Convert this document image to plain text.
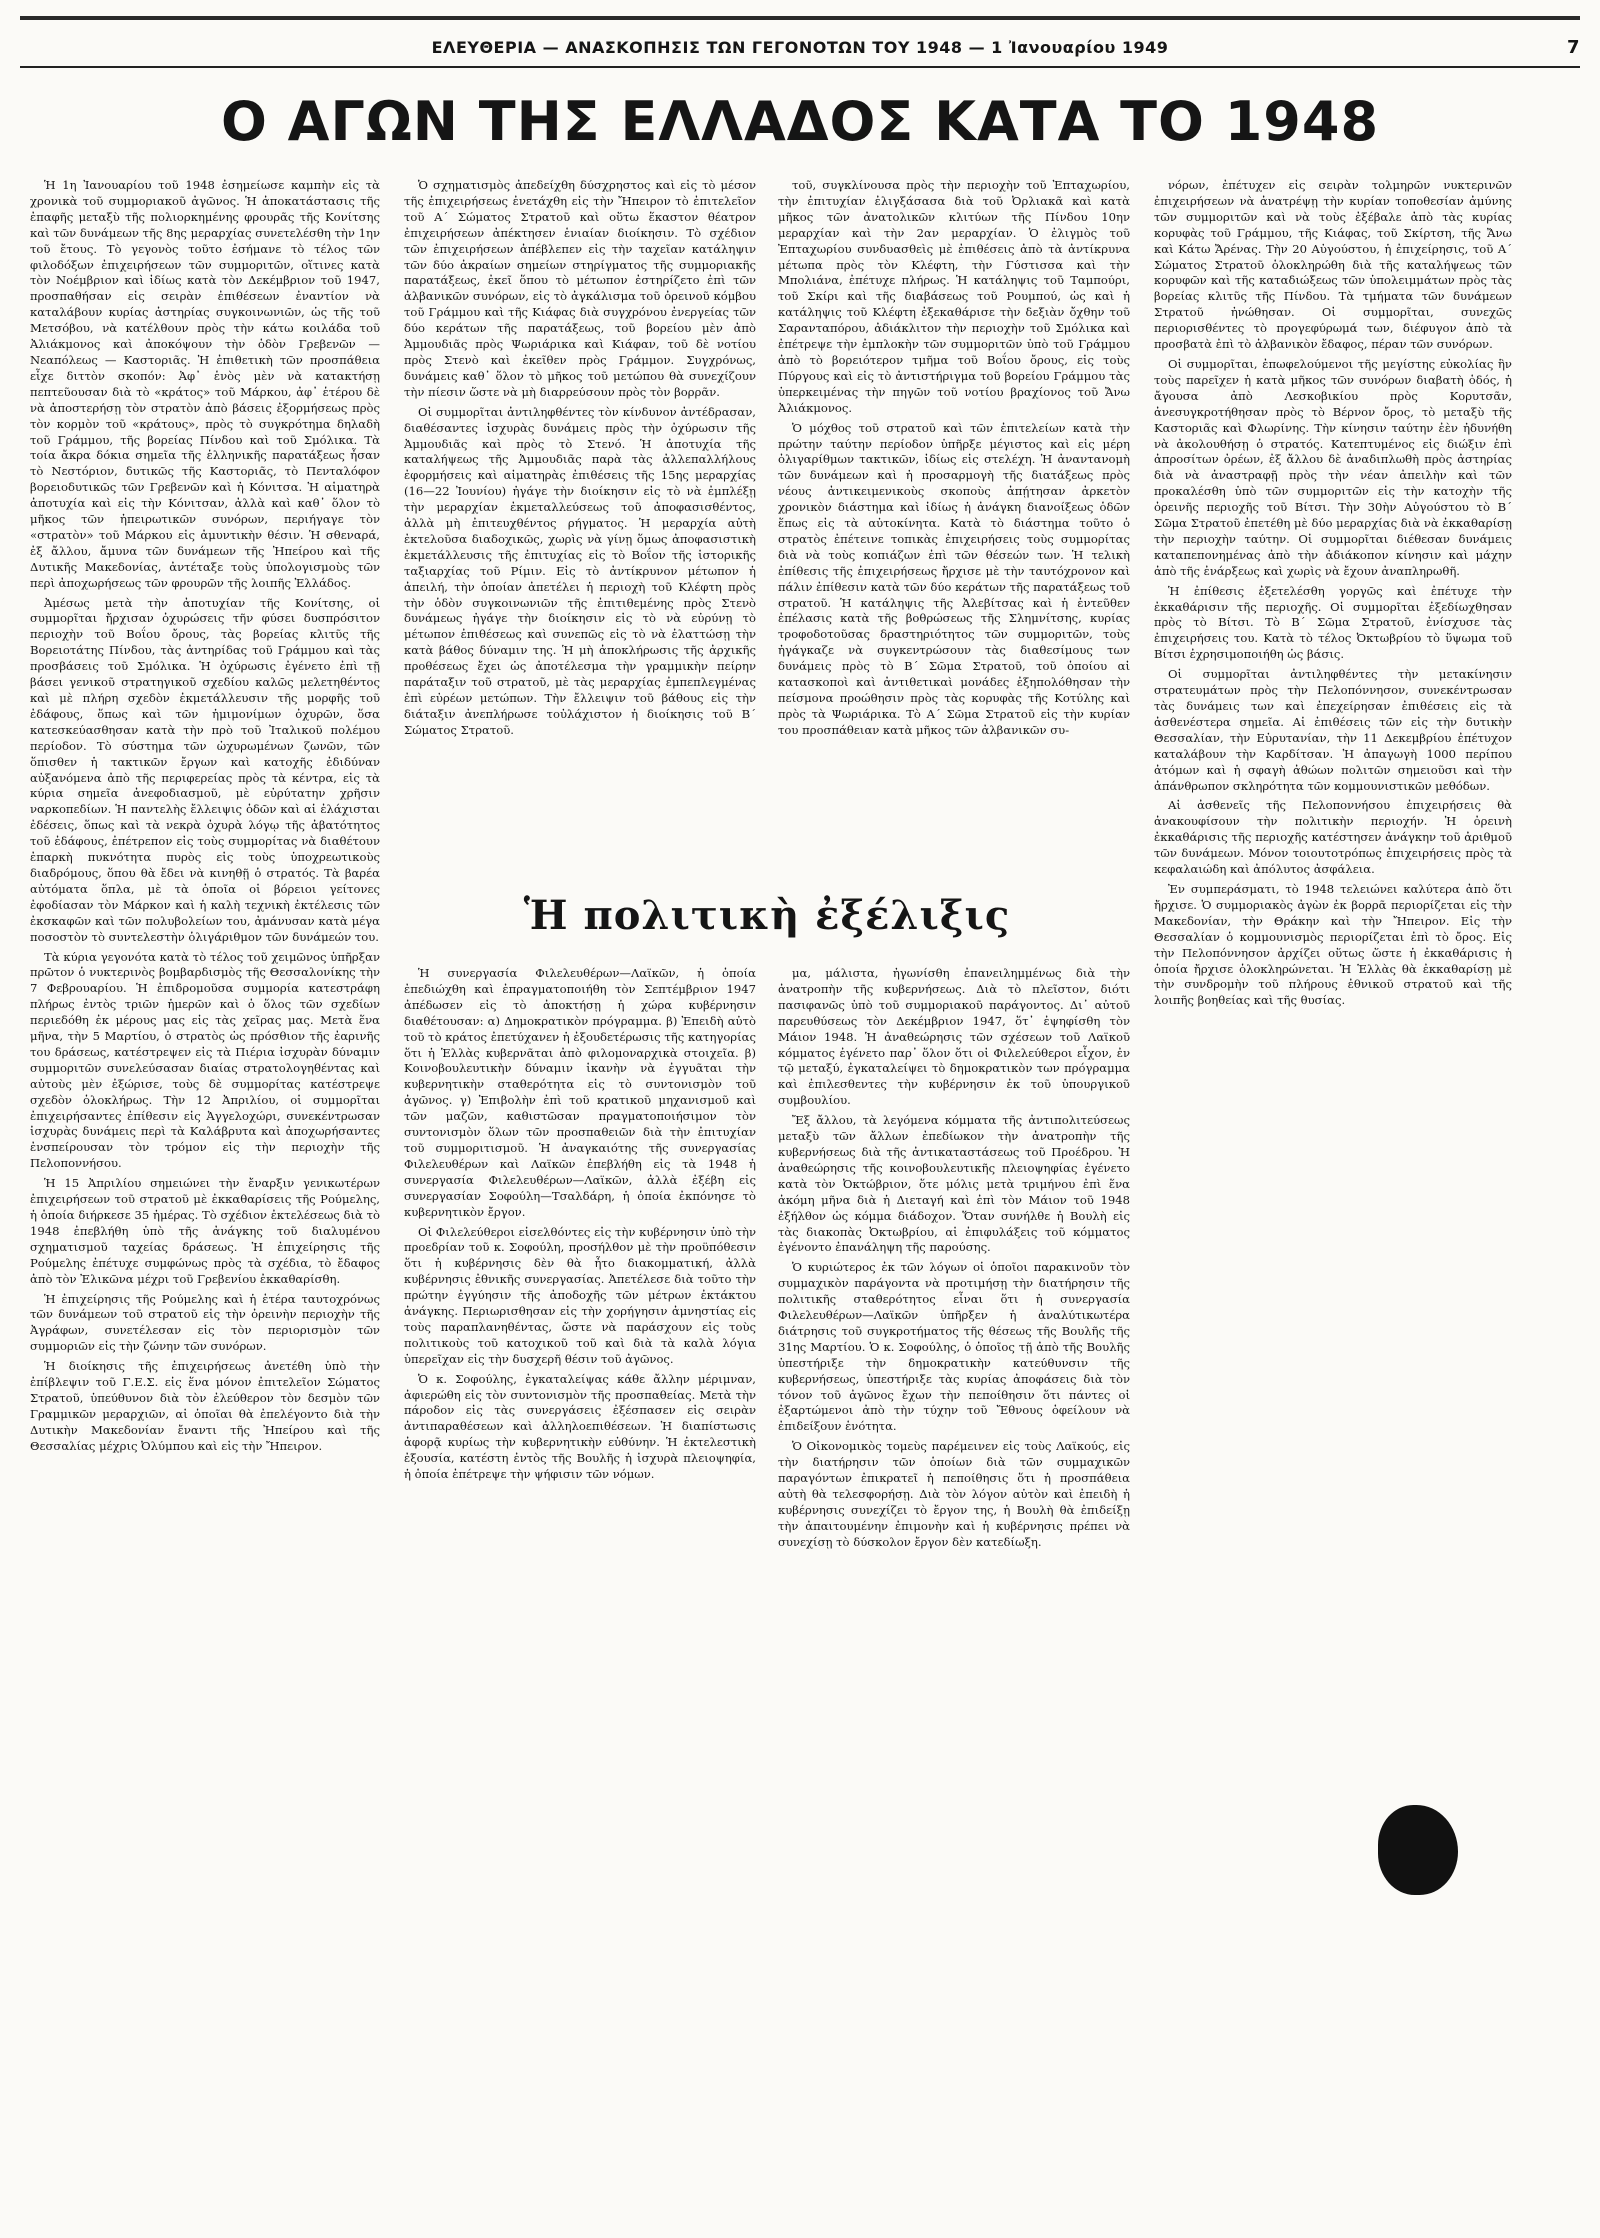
ΕΛΕΥΘΕΡΙΑ — ΑΝΑΣΚΟΠΗΣΙΣ ΤΩΝ ΓΕΓΟΝΟΤΩΝ ΤΟΥ 1948 — 1 Ἰανουαρίου 1949	7
Ο ΑΓΩΝ ΤΗΣ ΕΛΛΑΔΟΣ ΚΑΤΑ ΤΟ 1948

Ἡ 1η Ἰανουαρίου τοῦ 1948 ἐσημείωσε καμπὴν εἰς τὰ χρονικὰ τοῦ συμμοριακοῦ ἀγῶνος. Ἡ ἀποκατάστασις τῆς ἐπαφῆς μεταξὺ τῆς πολιορκημένης φρουρᾶς τῆς Κονίτσης καὶ τῶν δυνάμεων τῆς 8ης μεραρχίας συνετελέσθη τὴν 1ην τοῦ ἔτους. Τὸ γεγονὸς τοῦτο ἐσήμανε τὸ τέλος τῶν φιλοδόξων ἐπιχειρήσεων τῶν συμμοριτῶν, οἵτινες κατὰ τὸν Νοέμβριον καὶ ἰδίως κατὰ τὸν Δεκέμβριον τοῦ 1947, προσπαθήσαν εἰς σειρὰν ἐπιθέσεων ἐναντίον νὰ καταλάβουν κυρίας ἀστηρίας συγκοινωνιῶν, ὡς τῆς τοῦ Μετσόβου, νὰ κατέλθουν πρὸς τὴν κάτω κοιλάδα τοῦ Ἀλιάκμονος καὶ ἀποκόψουν τὴν ὁδὸν Γρεβενῶν — Νεαπόλεως — Καστοριᾶς. Ἡ ἐπιθετικὴ τῶν προσπάθεια εἶχε διττὸν σκοπόν: Ἀφ᾽ ἑνὸς μὲν νὰ κατακτήσῃ πεπτεῦουσαν διὰ τὸ «κράτος» τοῦ Μάρκου, ἀφ᾽ ἑτέρου δὲ νὰ ἀποστερήσῃ τὸν στρατὸν ἀπὸ βάσεις ἐξορμήσεως πρὸς τὸν κορμὸν τοῦ «κράτους», πρὸς τὸ συγκρότημα δηλαδὴ τοῦ Γράμμου, τῆς βορείας Πίνδου καὶ τοῦ Σμόλικα. Τὰ τοία ἄκρα δόκια σημεῖα τῆς ἑλληνικῆς παρατάξεως ἦσαν τὸ Νεστόριον, δυτικῶς τῆς Καστοριᾶς, τὸ Πενταλόφον βορειοδυτικῶς τῶν Γρεβενῶν καὶ ἡ Κόνιτσα. Ἡ αἱματηρὰ ἀποτυχία καὶ εἰς τὴν Κόνιτσαν, ἀλλὰ καὶ καθ᾽ ὅλον τὸ μῆκος τῶν ἠπειρωτικῶν συνόρων, περιήγαγε τὸν «στρατὸν» τοῦ Μάρκου εἰς ἀμυντικὴν θέσιν. Ἡ σθεναρά, ἐξ ἄλλου, ἄμυνα τῶν δυνάμεων τῆς Ἠπείρου καὶ τῆς Δυτικῆς Μακεδονίας, ἀντέταξε τοὺς ὑπολογισμοὺς τῶν περὶ ἀποχωρήσεως τῶν φρουρῶν τῆς λοιπῆς Ἑλλάδος.

Ἀμέσως μετὰ τὴν ἀποτυχίαν τῆς Κονίτσης, οἱ συμμορῖται ἤρχισαν ὀχυρώσεις τῆν φύσει δυσπρόσιτον περιοχὴν τοῦ Βοΐου ὄρους, τὰς βορείας κλιτῦς τῆς Βορειοτάτης Πίνδου, τὰς ἀντηρίδας τοῦ Γράμμου καὶ τὰς προσβάσεις τοῦ Σμόλικα. Ἡ ὀχύρωσις ἐγένετο ἐπὶ τῇ βάσει γενικοῦ στρατηγικοῦ σχεδίου καλῶς μελετηθέντος καὶ μὲ πλήρη σχεδὸν ἐκμετάλλευσιν τῆς μορφῆς τοῦ ἐδάφους, ὅπως καὶ τῶν ἡμιμονίμων ὀχυρῶν, ὅσα κατεσκεύασθησαν κατὰ τὴν πρὸ τοῦ Ἰταλικοῦ πολέμου περίοδον. Τὸ σύστημα τῶν ὠχυρωμένων ζωνῶν, τῶν ὅπισθεν ἡ τακτικῶν ἔργων καὶ κατοχῆς ἐδιδύναν αὐξανόμενα ἀπὸ τῆς περιφερείας πρὸς τὰ κέντρα, εἰς τὰ κύρια σημεῖα ἀνεφοδιασμοῦ, μὲ εὐρύτατην χρῆσιν ναρκοπεδίων. Ἡ παντελὴς ἔλλειψις ὁδῶν καὶ αἱ ἐλάχισται ἐδέσεις, ὅπως καὶ τὰ νεκρὰ ὀχυρὰ λόγῳ τῆς ἀβατότητος τοῦ ἐδάφους, ἐπέτρεπον εἰς τοὺς συμμορίτας νὰ διαθέτουν ἐπαρκὴ πυκνότητα πυρὸς εἰς τοὺς ὑποχρεωτικοὺς διαδρόμους, ὅπου θὰ ἔδει νὰ κινηθῇ ὁ στρατός. Τὰ βαρέα αὐτόματα ὅπλα, μὲ τὰ ὁποῖα οἱ βόρειοι γείτονες ἐφοδίασαν τὸν Μάρκον καὶ ἡ καλὴ τεχνικὴ ἐκτέλεσις τῶν ἐκσκαφῶν καὶ τῶν πολυβολείων του, ἀμάνυσαν κατὰ μέγα ποσοστὸν τὸ συντελεστὴν ὁλιγάριθμον τῶν δυνάμεών του.

Τὰ κύρια γεγονότα κατὰ τὸ τέλος τοῦ χειμῶνος ὑπῆρξαν πρῶτον ὁ νυκτερινὸς βομβαρδισμὸς τῆς Θεσσαλονίκης τὴν 7 Φεβρουαρίου. Ἡ ἐπιδρομοῦσα συμμορία κατεστράφη πλήρως ἐντὸς τριῶν ἡμερῶν καὶ ὁ ὅλος τῶν σχεδίων περιεδόθη ἐκ μέρους μας εἰς τὰς χεῖρας μας. Μετὰ ἕνα μῆνα, τὴν 5 Μαρτίου, ὁ στρατὸς ὡς πρόσθιον τῆς ἐαρινῆς του δράσεως, κατέστρεψεν εἰς τὰ Πιέρια ἰσχυρὰν δύναμιν συμμοριτῶν συνελεύσασαν διαίας στρατολογηθέντας καὶ αὐτοὺς μὲν ἐξώρισε, τοὺς δὲ συμμορίτας κατέστρεψε σχεδὸν ὁλοκλήρως. Τὴν 12 Ἀπριλίου, οἱ συμμορῖται ἐπιχειρήσαντες ἐπίθεσιν εἰς Ἀγγελοχώρι, συνεκέντρωσαν ἰσχυρὰς δυνάμεις περὶ τὰ Καλάβρυτα καὶ ἀποχωρήσαντες ἐνσπείρουσαν τὸν τρόμον εἰς τὴν περιοχὴν τῆς Πελοποννήσου.

Ἡ 15 Ἀπριλίου σημειώνει τὴν ἔναρξιν γενικωτέρων ἐπιχειρήσεων τοῦ στρατοῦ μὲ ἐκκαθαρίσεις τῆς Ρούμελης, ἡ ὁποία διήρκεσε 35 ἡμέρας. Τὸ σχέδιον ἐκτελέσεως διὰ τὸ 1948 ἐπεβλήθη ὑπὸ τῆς ἀνάγκης τοῦ διαλυμένου σχηματισμοῦ ταχείας δράσεως. Ἡ ἐπιχείρησις τῆς Ρούμελης ἐπέτυχε συμφώνως πρὸς τὰ σχέδια, τὸ ἔδαφος ἀπὸ τὸν Ἐλικῶνα μέχρι τοῦ Γρεβενίου ἐκκαθαρίσθη.

Ἡ ἐπιχείρησις τῆς Ρούμελης καὶ ἡ ἑτέρα ταυτοχρόνως τῶν δυνάμεων τοῦ στρατοῦ εἰς τὴν ὀρεινὴν περιοχὴν τῆς Ἀγράφων, συνετέλεσαν εἰς τὸν περιορισμὸν τῶν συμμοριῶν εἰς τὴν ζώνην τῶν συνόρων.

Ἡ διοίκησις τῆς ἐπιχειρήσεως ἀνετέθη ὑπὸ τὴν ἐπίβλεψιν τοῦ Γ.Ε.Σ. εἰς ἕνα μόνον ἐπιτελεῖον Σώματος Στρατοῦ, ὑπεύθυνον διὰ τὸν ἐλεύθερον τὸν δεσμὸν τῶν Γραμμικῶν μεραρχιῶν, αἱ ὁποῖαι θὰ ἐπελέγοντο διὰ τὴν Δυτικὴν Μακεδονίαν ἔναντι τῆς Ἠπείρου καὶ τῆς Θεσσαλίας μέχρις Ὀλύμπου καὶ εἰς τὴν Ἤπειρον.

Ὁ σχηματισμὸς ἀπεδείχθη δύσχρηστος καὶ εἰς τὸ μέσον τῆς ἐπιχειρήσεως ἐνετάχθη εἰς τὴν Ἤπειρον τὸ ἐπιτελεῖον τοῦ Α´ Σώματος Στρατοῦ καὶ οὕτω ἕκαστον θέατρον ἐπιχειρήσεων ἀπέκτησεν ἑνιαίαν διοίκησιν. Τὸ σχέδιον τῶν ἐπιχειρήσεων ἀπέβλεπεν εἰς τὴν ταχεῖαν κατάληψιν τῶν δύο ἀκραίων σημείων στηρίγματος τῆς συμμοριακῆς παρατάξεως, ἐκεῖ ὅπου τὸ μέτωπον ἐστηρίζετο ἐπὶ τῶν ἀλβανικῶν συνόρων, εἰς τὸ ἀγκάλισμα τοῦ ὀρεινοῦ κόμβου τοῦ Γράμμου καὶ τῆς Κιάφας διὰ συγχρόνου ἐνεργείας τῶν δύο κεράτων τῆς παρατάξεως, τοῦ βορείου μὲν ἀπὸ Ἀμμουδιᾶς πρὸς Ψωριάρικα καὶ Κιάφαν, τοῦ δὲ νοτίου πρὸς Στενὸ καὶ ἐκεῖθεν πρὸς Γράμμον. Συγχρόνως, δυνάμεις καθ᾽ ὅλον τὸ μῆκος τοῦ μετώπου θὰ συνεχίζουν τὴν πίεσιν ὥστε νὰ μὴ διαρρεύσουν πρὸς τὸν βορρᾶν.

Οἱ συμμορῖται ἀντιληφθέντες τὸν κίνδυνον ἀντέδρασαν, διαθέσαντες ἰσχυρὰς δυνάμεις πρὸς τὴν ὀχύρωσιν τῆς Ἀμμουδιᾶς καὶ πρὸς τὸ Στενό. Ἡ ἀποτυχία τῆς καταλήψεως τῆς Ἀμμουδιᾶς παρὰ τὰς ἀλλεπαλλήλους ἐφορμήσεις καὶ αἱματηρὰς ἐπιθέσεις τῆς 15ης μεραρχίας (16—22 Ἰουνίου) ἠγάγε τὴν διοίκησιν εἰς τὸ νὰ ἐμπλέξῃ τὴν μεραρχίαν ἐκμεταλλεύσεως τοῦ ἀποφασισθέντος, ἀλλὰ μὴ ἐπιτευχθέντος ρήγματος. Ἡ μεραρχία αὐτὴ ἐκτελοῦσα διαδοχικῶς, χωρὶς νὰ γίνῃ ὅμως ἀποφασιστικὴ ἐκμετάλλευσις τῆς ἐπιτυχίας εἰς τὸ Βοΐον τῆς ἱστορικῆς ταξιαρχίας τοῦ Ρίμιν. Εἰς τὸ ἀντίκρυνον μέτωπον ἡ ἀπειλή, τὴν ὁποίαν ἀπετέλει ἡ περιοχὴ τοῦ Κλέφτη πρὸς τὴν ὁδὸν συγκοινωνιῶν τῆς ἐπιτιθεμένης πρὸς Στενὸ δυνάμεως ἠγάγε τὴν διοίκησιν εἰς τὸ νὰ εὐρύνῃ τὸ μέτωπον ἐπιθέσεως καὶ συνεπῶς εἰς τὸ νὰ ἐλαττώσῃ τὴν κατὰ βάθος δύναμιν της. Ἡ μὴ ἀποκλήρωσις τῆς ἀρχικῆς προθέσεως ἔχει ὡς ἀποτέλεσμα τὴν γραμμικὴν πείρην παράταξιν τοῦ στρατοῦ, μὲ τὰς μεραρχίας ἐμπεπλεγμένας ἐπὶ εὐρέων μετώπων. Τὴν ἔλλειψιν τοῦ βάθους εἰς τὴν διάταξιν ἀνεπλήρωσε τοὐλάχιστον ἡ διοίκησις τοῦ Β´ Σώματος Στρατοῦ.

τοῦ, συγκλίνουσα πρὸς τὴν περιοχὴν τοῦ Ἐπταχωρίου, τὴν ἐπιτυχίαν ἐλιγξάσασα διὰ τοῦ Ὀρλιακᾶ καὶ κατὰ μῆκος τῶν ἀνατολικῶν κλιτύων τῆς Πίνδου 10ην μεραρχίαν καὶ τὴν 2αν μεραρχίαν. Ὁ ἐλιγμὸς τοῦ Ἐπταχωρίου συνδυασθεὶς μὲ ἐπιθέσεις ἀπὸ τὰ ἀντίκρυνα μέτωπα πρὸς τὸν Κλέφτη, τὴν Γύστισσα καὶ τὴν Μπολιάνα, ἐπέτυχε πλήρως. Ἡ κατάληψις τοῦ Ταμπούρι, τοῦ Σκίρι καὶ τῆς διαβάσεως τοῦ Ρουμπού, ὡς καὶ ἡ κατάληψις τοῦ Κλέφτη ἐξεκαθάρισε τὴν δεξιὰν ὄχθην τοῦ Σαρανταπόρου, ἀδιάκλιτον τὴν περιοχὴν τοῦ Σμόλικα καὶ ἐπέτρεψε τὴν ἐμπλοκὴν τῶν συμμοριτῶν ὑπὸ τοῦ Γράμμου ἀπὸ τὸ βορειότερον τμῆμα τοῦ Βοΐου ὄρους, εἰς τοὺς Πύργους καὶ εἰς τὸ ἀντιστήριγμα τοῦ βορείου Γράμμου τὰς ὑπερκειμένας τὴν πηγῶν τοῦ νοτίου βραχίονος τοῦ Ἄνω Ἀλιάκμονος.

Ὁ μόχθος τοῦ στρατοῦ καὶ τῶν ἐπιτελείων κατὰ τὴν πρώτην ταύτην περίοδον ὑπῆρξε μέγιστος καὶ εἰς μέρη ὀλιγαρίθμων τακτικῶν, ἰδίως εἰς στελέχη. Ἡ ἀναντανομὴ τῶν δυνάμεων καὶ ἡ προσαρμογὴ τῆς διατάξεως πρὸς νέους ἀντικειμενικοὺς σκοποὺς ἀπῄτησαν ἀρκετὸν χρονικὸν διάστημα καὶ ἰδίως ἡ ἀνάγκη διανοίξεως ὁδῶν ἕπως εἰς τὰ αὐτοκίνητα. Κατὰ τὸ διάστημα τοῦτο ὁ στρατὸς ἐπέτεινε τοπικὰς ἐπιχειρήσεις τοὺς συμμορίτας διὰ νὰ τοὺς κοπιάζων ἐπὶ τῶν θέσεών των. Ἡ τελικὴ ἐπίθεσις τῆς ἐπιχειρήσεως ἤρχισε μὲ τὴν ταυτόχρονον καὶ πάλιν ἐπίθεσιν κατὰ τῶν δύο κεράτων τῆς παρατάξεως τοῦ στρατοῦ. Ἡ κατάληψις τῆς Ἀλεβίτσας καὶ ἡ ἐντεῦθεν ἐπέλασις κατὰ τῆς βοθρώσεως τῆς Σλημνίτσης, κυρίας τροφοδοτοῦσας δραστηριότητος τῶν συμμοριτῶν, τοὺς ἠγάγκαζε νὰ συγκεντρώσουν τὰς διαθεσίμους των δυνάμεις πρὸς τὸ Β´ Σῶμα Στρατοῦ, τοῦ ὁποίου αἱ κατασκοποὶ καὶ ἀντιθετικαὶ μονάδες ἐξηπολόθησαν τὴν πείσμονα προώθησιν πρὸς τὰς κορυφὰς τῆς Κοτύλης καὶ πρὸς τὰ Ψωριάρικα. Τὸ Α´ Σῶμα Στρατοῦ εἰς τὴν κυρίαν του προσπάθειαν κατὰ μῆκος τῶν ἀλβανικῶν συ-

νόρων, ἐπέτυχεν εἰς σειρὰν τολμηρῶν νυκτερινῶν ἐπιχειρήσεων νὰ ἀνατρέψῃ τὴν κυρίαν τοποθεσίαν ἀμύνης τῶν συμμοριτῶν καὶ νὰ τοὺς ἐξέβαλε ἀπὸ τὰς κυρίας κορυφὰς τοῦ Γράμμου, τῆς Κιάφας, τοῦ Σκίρτση, τῆς Ἄνω καὶ Κάτω Ἄρένας. Τὴν 20 Αὐγούστου, ἡ ἐπιχείρησις, τοῦ Α´ Σώματος Στρατοῦ ὁλοκληρώθη διὰ τῆς καταλήψεως τῶν κορυφῶν καὶ τῆς καταδιώξεως τῶν ὑπολειμμάτων πρὸς τὰς βορείας κλιτῦς τῆς Πίνδου. Τὰ τμήματα τῶν δυνάμεων Στρατοῦ ἠνώθησαν. Οἱ συμμορῖται, συνεχῶς περιορισθέντες τὸ προγεφύρωμά των, διέφυγον ἀπὸ τὰ προσβατὰ ἐπὶ τὸ ἀλβανικὸν ἔδαφος, πέραν τῶν συνόρων.

Οἱ συμμορῖται, ἐπωφελούμενοι τῆς μεγίστης εὐκολίας ἣν τοὺς παρεῖχεν ἡ κατὰ μῆκος τῶν συνόρων διαβατὴ ὁδός, ἡ ἄγουσα ἀπὸ Λεσκοβικίου πρὸς Κορυτσᾶν, ἀνεσυγκροτήθησαν πρὸς τὸ Βέρνον ὄρος, τὸ μεταξὺ τῆς Καστοριᾶς καὶ Φλωρίνης. Τὴν κίνησιν ταύτην ἐὲν ἠδυνήθη νὰ ἀκολουθήσῃ ὁ στρατός. Κατεπτυμένος εἰς διώξιν ἐπὶ ἀπροσίτων ὀρέων, ἐξ ἄλλου δὲ ἀναδιπλωθὴ πρὸς ἀστηρίας διὰ νὰ ἀναστραφῇ πρὸς τὴν νέαν ἀπειλὴν καὶ τῶν προκαλέσθη ὑπὸ τῶν συμμοριτῶν εἰς τὴν κατοχὴν τῆς ὀρεινῆς περιοχῆς τοῦ Βίτσι. Τὴν 30ὴν Αὐγούστου τὸ Β´ Σῶμα Στρατοῦ ἐπετέθη μὲ δύο μεραρχίας διὰ νὰ ἐκκαθαρίσῃ τὴν περιοχὴν ταύτην. Οἱ συμμορῖται διέθεσαν δυνάμεις καταπεπονημένας ἀπὸ τὴν ἀδιάκοπον κίνησιν καὶ μάχην ἀπὸ τῆς ἐνάρξεως καὶ χωρὶς νὰ ἔχουν ἀναπληρωθῆ.

Ἡ ἐπίθεσις ἐξετελέσθη γοργῶς καὶ ἐπέτυχε τὴν ἐκκαθάρισιν τῆς περιοχῆς. Οἱ συμμορῖται ἐξεδίωχθησαν πρὸς τὸ Βίτσι. Τὸ Β´ Σῶμα Στρατοῦ, ἐνίσχυσε τὰς ἐπιχειρήσεις του. Κατὰ τὸ τέλος Ὀκτωβρίου τὸ ὕψωμα τοῦ Βίτσι ἐχρησιμοποιήθη ὡς βάσις.

Οἱ συμμορῖται ἀντιληφθέντες τὴν μετακίνησιν στρατευμάτων πρὸς τὴν Πελοπόννησον, συνεκέντρωσαν τὰς δυνάμεις των καὶ ἐπεχείρησαν ἐπιθέσεις εἰς τὰ ἀσθενέστερα σημεῖα. Αἱ ἐπιθέσεις τῶν εἰς τὴν δυτικὴν Θεσσαλίαν, τὴν Εὐρυτανίαν, τὴν 11 Δεκεμβρίου ἐπέτυχον καταλάβουν τὴν Καρδίτσαν. Ἡ ἀπαγωγὴ 1000 περίπου ἀτόμων καὶ ἡ σφαγὴ ἀθώων πολιτῶν σημειοῦσι καὶ τὴν ἀπάνθρωπον σκληρότητα τῶν κομμουνιστικῶν μεθόδων.

Αἱ ἀσθενεῖς τῆς Πελοποννήσου ἐπιχειρήσεις θὰ ἀνακουφίσουν τὴν πολιτικὴν περιοχήν. Ἡ ὀρεινὴ ἐκκαθάρισις τῆς περιοχῆς κατέστησεν ἀνάγκην τοῦ ἀριθμοῦ τῶν δυνάμεων. Μόνον τοιουτοτρόπως ἐπιχειρήσεις πρὸς τὰ κεφαλαιώδη καὶ ἀπόλυτος ἀσφάλεια.

Ἐν συμπεράσματι, τὸ 1948 τελειώνει καλύτερα ἀπὸ ὅτι ἤρχισε. Ὁ συμμοριακὸς ἀγὼν ἐκ βορρᾶ περιορίζεται εἰς τὴν Μακεδονίαν, τὴν Θράκην καὶ τὴν Ἤπειρον. Εἰς τὴν Θεσσαλίαν ὁ κομμουνισμὸς περιορίζεται ἐπὶ τὸ ὄρος. Εἰς τὴν Πελοπόννησον ἀρχίζει οὕτως ὥστε ἡ ἐκκαθάρισις ἡ ὁποία ἤρχισε ὁλοκληρώνεται. Ἡ Ἑλλὰς θὰ ἐκκαθαρίσῃ μὲ τὴν συνδρομὴν τοῦ πλήρους ἐθνικοῦ στρατοῦ καὶ τῆς λοιπῆς βοηθείας καὶ τῆς θυσίας.

Ἡ πολιτικὴ ἐξέλιξις

Ἡ συνεργασία Φιλελευθέρων—Λαϊκῶν, ἡ ὁποία ἐπεδιώχθη καὶ ἐπραγματοποιήθη τὸν Σεπτέμβριον 1947 ἀπέδωσεν εἰς τὸ ἀποκτήσῃ ἡ χώρα κυβέρνησιν διαθέτουσαν: α) Δημοκρατικὸν πρόγραμμα. β) Ἐπειδὴ αὐτὸ τοῦ τὸ κράτος ἐπετύχανεν ἡ ἐξουδετέρωσις τῆς κατηγορίας ὅτι ἡ Ἑλλὰς κυβερνᾶται ἀπὸ φιλομοναρχικὰ στοιχεῖα. β) Κοινοβουλευτικὴν δύναμιν ἱκανὴν νὰ ἐγγυᾶται τὴν κυβερνητικὴν σταθερότητα εἰς τὸ συντονισμὸν τοῦ ἀγῶνος. γ) Ἐπιβολὴν ἐπὶ τοῦ κρατικοῦ μηχανισμοῦ καὶ τῶν μαζῶν, καθιστῶσαν πραγματοποιήσιμον τὸν συντονισμὸν ὅλων τῶν προσπαθειῶν διὰ τὴν ἐπιτυχίαν τοῦ συμμοριτισμοῦ. Ἡ ἀναγκαιότης τῆς συνεργασίας Φιλελευθέρων καὶ Λαϊκῶν ἐπεβλήθη εἰς τὰ 1948 ἡ συνεργασία Φιλελευθέρων—Λαϊκῶν, ἀλλὰ ἐξέβη εἰς συνεργασίαν Σοφούλη—Τσαλδάρη, ἡ ὁποία ἐκπόνησε τὸ κυβερνητικὸν ἔργον.

Οἱ Φιλελεύθεροι εἰσελθόντες εἰς τὴν κυβέρνησιν ὑπὸ τὴν προεδρίαν τοῦ κ. Σοφούλη, προσήλθον μὲ τὴν προϋπόθεσιν ὅτι ἡ κυβέρνησις δὲν θὰ ἦτο διακομματική, ἀλλὰ κυβέρνησις ἐθνικῆς συνεργασίας. Ἀπετέλεσε διὰ τοῦτο τὴν πρώτην ἐγγύησιν τῆς ἀποδοχῆς τῶν μέτρων ἐκτάκτου ἀνάγκης. Περιωρισθησαν εἰς τὴν χορήγησιν ἀμνηστίας εἰς τοὺς παραπλανηθέντας, ὥστε νὰ παράσχουν εἰς τοὺς πολιτικοὺς τοῦ κατοχικοῦ τοῦ καὶ διὰ τὰ καλὰ λόγια ὑπερεῖχαν εἰς τὴν δυσχερῆ θέσιν τοῦ ἀγῶνος.

Ὁ κ. Σοφούλης, ἐγκαταλείψας κάθε ἄλλην μέριμναν, ἀφιερώθη εἰς τὸν συντονισμὸν τῆς προσπαθείας. Μετὰ τὴν πάροδον εἰς τὰς συνεργάσεις ἐξέσπασεν εἰς σειρὰν ἀντιπαραθέσεων καὶ ἀλληλοεπιθέσεων. Ἡ διαπίστωσις ἀφορᾷ κυρίως τὴν κυβερνητικὴν εὐθύνην. Ἡ ἐκτελεστικὴ ἐξουσία, κατέστη ἐντὸς τῆς Βουλῆς ἡ ἰσχυρὰ πλειοψηφία, ἡ ὁποία ἐπέτρεψε τὴν ψήφισιν τῶν νόμων.

μα, μάλιστα, ἠγωνίσθη ἐπανειλημμένως διὰ τὴν ἀνατροπὴν τῆς κυβερνήσεως. Διὰ τὸ πλεῖστον, διότι πασιφανῶς ὑπὸ τοῦ συμμοριακοῦ παράγοντος. Δι᾽ αὐτοῦ παρευθύσεως τὸν Δεκέμβριον 1947, ὅτ᾽ ἐψηφίσθη τὸν Μάιον 1948. Ἡ ἀναθεώρησις τῶν σχέσεων τοῦ Λαϊκοῦ κόμματος ἐγένετο παρ᾽ ὅλον ὅτι οἱ Φιλελεύθεροι εἶχον, ἐν τῷ μεταξύ, ἐγκαταλείψει τὸ δημοκρατικὸν των πρόγραμμα καὶ ἐπιλεσθεντες τὴν κυβέρνησιν ἐκ τοῦ ὑπουργικοῦ συμβουλίου.

Ἔξ ἄλλου, τὰ λεγόμενα κόμματα τῆς ἀντιπολιτεύσεως μεταξὺ τῶν ἄλλων ἐπεδίωκον τὴν ἀνατροπὴν τῆς κυβερνήσεως διὰ τῆς ἀντικαταστάσεως τοῦ Προέδρου. Ἡ ἀναθεώρησις τῆς κοινοβουλευτικῆς πλειοψηφίας ἐγένετο κατὰ τὸν Ὀκτώβριον, ὅτε μόλις μετὰ τριμήνου ἐπὶ ἕνα ἀκόμη μῆνα διὰ ἡ Διεταγή καὶ ἐπὶ τὸν Μάιον τοῦ 1948 ἐξήλθον ὡς κόμμα διάδοχον. Ὅταν συνήλθε ἡ Βουλὴ εἰς τὰς διακοπὰς Ὀκτωβρίου, αἱ ἐπιφυλάξεις τοῦ κόμματος ἐγένοντο ἐπανάληψη τῆς παρούσης.

Ὁ κυριώτερος ἐκ τῶν λόγων οἱ ὁποῖοι παρακινοῦν τὸν συμμαχικὸν παράγοντα νὰ προτιμήσῃ τὴν διατήρησιν τῆς πολιτικῆς σταθερότητος εἶναι ὅτι ἡ συνεργασία Φιλελευθέρων—Λαϊκῶν ὑπῆρξεν ἡ ἀναλύτικωτέρα διάτρησις τοῦ συγκροτήματος τῆς θέσεως τῆς Βουλῆς τῆς 31ης Μαρτίου. Ὁ κ. Σοφούλης, ὁ ὁποῖος τῇ ἀπὸ τῆς Βουλῆς ὑπεστήριξε τὴν δημοκρατικὴν κατεύθυνσιν τῆς κυβερνήσεως, ὑπεστήριξε τὰς κυρίας ἀποφάσεις διὰ τὸν τόνον τοῦ ἀγῶνος ἔχων τὴν πεποίθησιν ὅτι πάντες οἱ ἐξαρτώμενοι ἀπὸ τὴν τύχην τοῦ Ἔθνους ὁφείλουν νὰ ἐπιδείξουν ἑνότητα.

Ὁ Οἰκονομικὸς τομεὺς παρέμεινεν εἰς τοὺς Λαϊκούς, εἰς τὴν διατήρησιν τῶν ὁποίων διὰ τῶν συμμαχικῶν παραγόντων ἐπικρατεῖ ἡ πεποίθησις ὅτι ἡ προσπάθεια αὐτὴ θὰ τελεσφορήσῃ. Διὰ τὸν λόγον αὐτὸν καὶ ἐπειδὴ ἡ κυβέρνησις συνεχίζει τὸ ἔργον της, ἡ Βουλὴ θὰ ἐπιδείξῃ τὴν ἀπαιτουμένην ἐπιμονὴν καὶ ἡ κυβέρνησις πρέπει νὰ συνεχίσῃ τὸ δύσκολον ἔργον δὲν κατεδίωξη.
